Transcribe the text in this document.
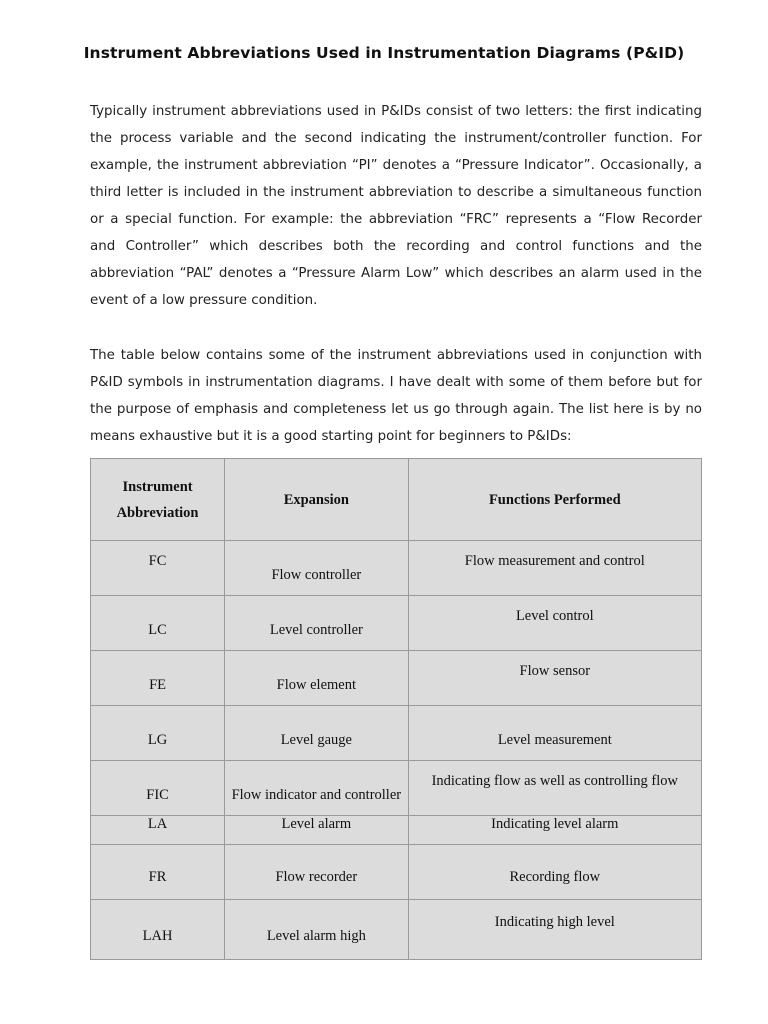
Instrument Abbreviations Used in Instrumentation Diagrams (P&ID)

Typically instrument abbreviations used in P&IDs consist of two letters: the first indicating the process variable and the second indicating the instrument/controller function. For example, the instrument abbreviation “PI” denotes a “Pressure Indicator”. Occasionally, a third letter is included in the instrument abbreviation to describe a simultaneous function or a special function. For example: the abbreviation “FRC” represents a “Flow Recorder and Controller” which describes both the recording and control functions and the abbreviation “PAL” denotes a “Pressure Alarm Low” which describes an alarm used in the event of a low pressure condition.

The table below contains some of the instrument abbreviations used in conjunction with P&ID symbols in instrumentation diagrams. I have dealt with some of them before but for the purpose of emphasis and completeness let us go through again. The list here is by no means exhaustive but it is a good starting point for beginners to P&IDs:

Instrument
Abbreviation	Expansion	Functions Performed

FC	Flow controller	Flow measurement and control

LC	Level controller	Level control

FE	Flow element	Flow sensor

LG	Level gauge	Level measurement

FIC	Flow indicator and controller	Indicating flow as well as controlling flow

LA	Level alarm	Indicating level alarm

FR	Flow recorder	Recording flow

LAH	Level alarm high	Indicating high level
